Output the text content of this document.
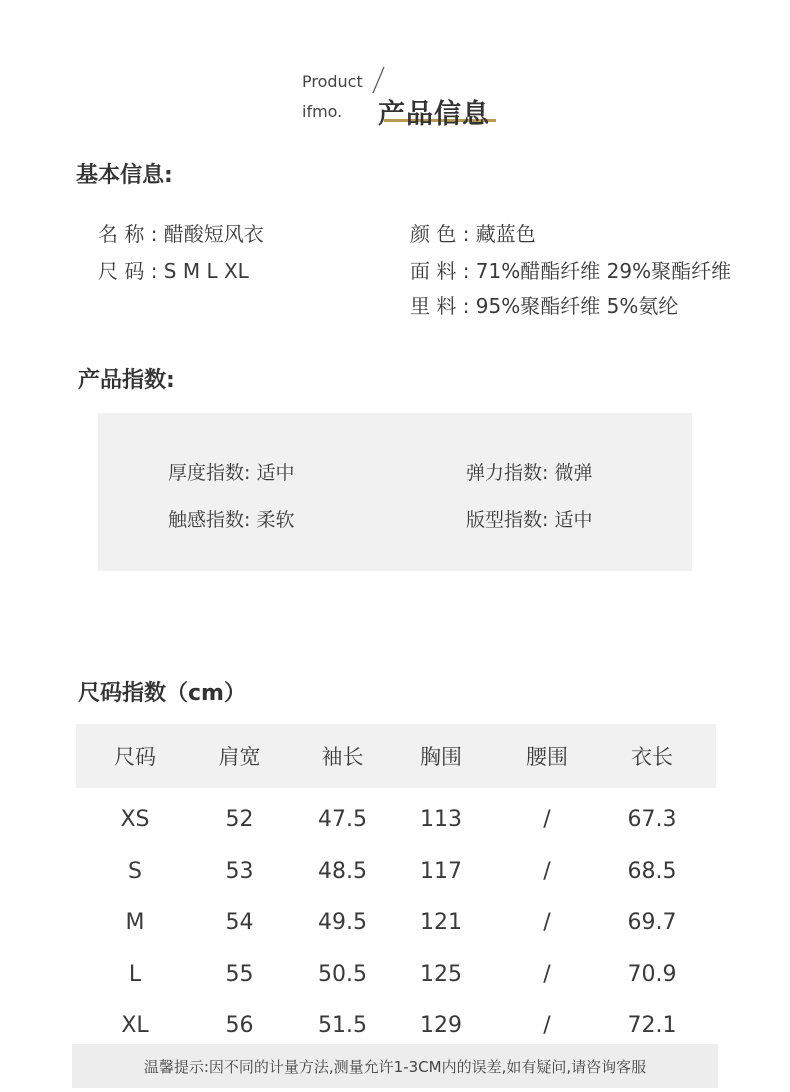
Product
ifmo. 产品信息
基本信息:
名 称 : 醋酸短风衣
尺 码 : S M L XL
颜 色 : 藏蓝色
面 料 : 71%醋酯纤维 29%聚酯纤维
里 料 : 95%聚酯纤维 5%氨纶
产品指数:
厚度指数: 适中	弹力指数: 微弹
触感指数: 柔软	版型指数: 适中
尺码指数（cm）
尺码	肩宽	袖长	胸围	腰围	衣长
XS	52	47.5	113	/	67.3
S	53	48.5	117	/	68.5
M	54	49.5	121	/	69.7
L	55	50.5	125	/	70.9
XL	56	51.5	129	/	72.1
温馨提示:因不同的计量方法,测量允许1-3CM内的误差,如有疑问,请咨询客服
